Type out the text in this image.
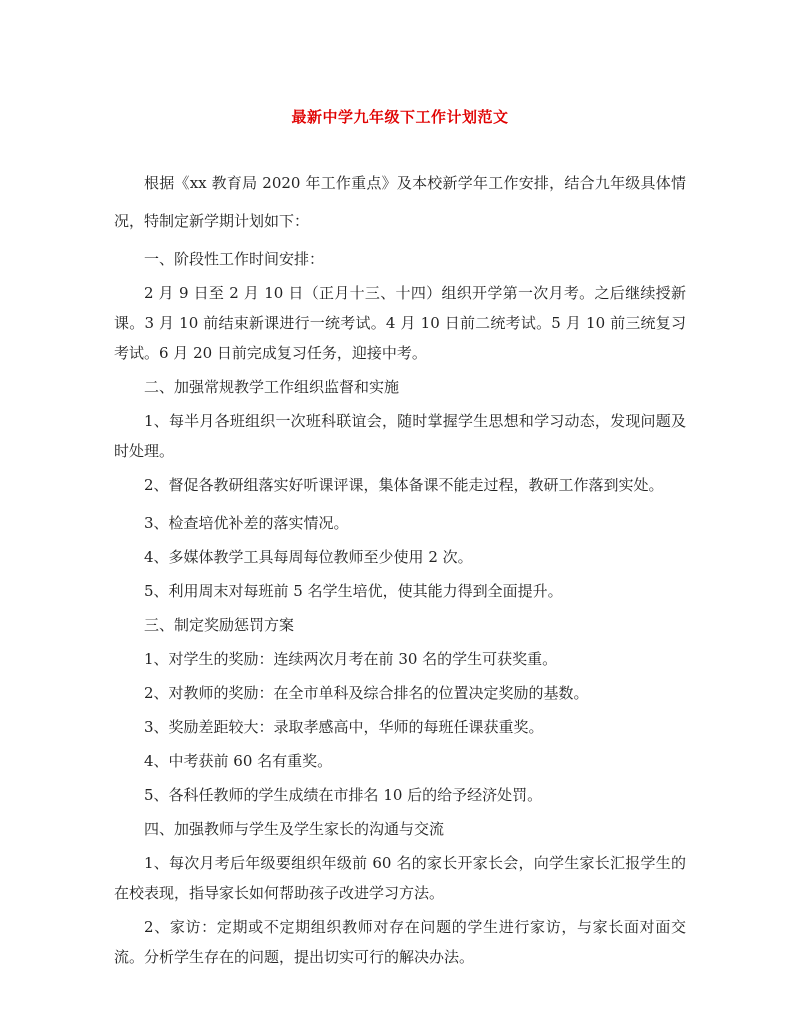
最新中学九年级下工作计划范文

根据《xx 教育局 2020 年工作重点》及本校新学年工作安排，结合九年级具体情况，特制定新学期计划如下：

一、阶段性工作时间安排：

2 月 9 日至 2 月 10 日（正月十三、十四）组织开学第一次月考。之后继续授新课。3 月 10 前结束新课进行一统考试。4 月 10 日前二统考试。5 月 10 前三统复习考试。6 月 20 日前完成复习任务，迎接中考。

二、加强常规教学工作组织监督和实施

1、每半月各班组织一次班科联谊会，随时掌握学生思想和学习动态，发现问题及时处理。

2、督促各教研组落实好听课评课，集体备课不能走过程，教研工作落到实处。

3、检查培优补差的落实情况。

4、多媒体教学工具每周每位教师至少使用 2 次。

5、利用周末对每班前 5 名学生培优，使其能力得到全面提升。

三、制定奖励惩罚方案

1、对学生的奖励：连续两次月考在前 30 名的学生可获奖重。

2、对教师的奖励：在全市单科及综合排名的位置决定奖励的基数。

3、奖励差距较大：录取孝感高中，华师的每班任课获重奖。

4、中考获前 60 名有重奖。

5、各科任教师的学生成绩在市排名 10 后的给予经济处罚。

四、加强教师与学生及学生家长的沟通与交流

1、每次月考后年级要组织年级前 60 名的家长开家长会，向学生家长汇报学生的在校表现，指导家长如何帮助孩子改进学习方法。

2、家访：定期或不定期组织教师对存在问题的学生进行家访，与家长面对面交流。分析学生存在的问题，提出切实可行的解决办法。
